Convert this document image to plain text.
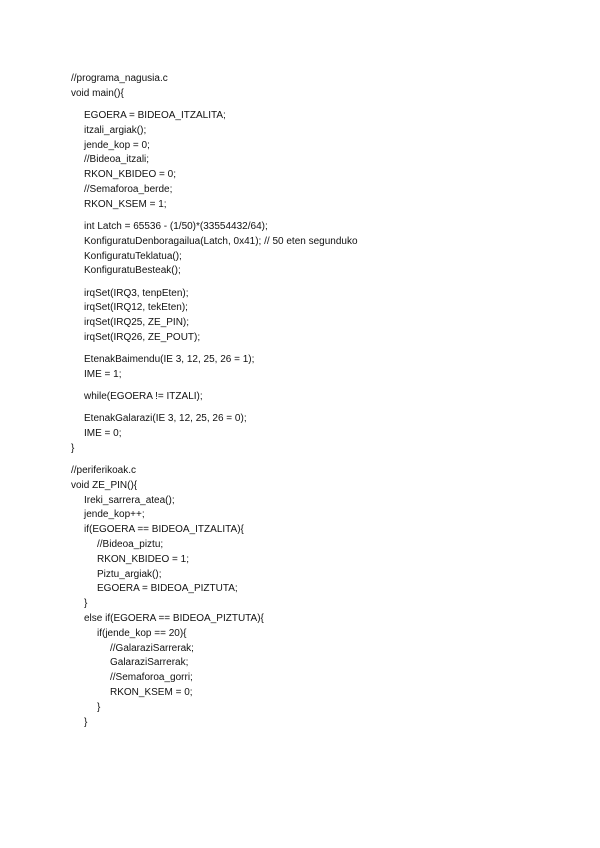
//programa_nagusia.c
void main(){
EGOERA = BIDEOA_ITZALITA;
itzali_argiak();
jende_kop = 0;
//Bideoa_itzali;
RKON_KBIDEO = 0;
//Semaforoa_berde;
RKON_KSEM = 1;
int Latch = 65536 - (1/50)*(33554432/64);
KonfiguratuDenboragailua(Latch, 0x41); // 50 eten segunduko
KonfiguratuTeklatua();
KonfiguratuBesteak();
irqSet(IRQ3, tenpEten);
irqSet(IRQ12, tekEten);
irqSet(IRQ25, ZE_PIN);
irqSet(IRQ26, ZE_POUT);
EtenakBaimendu(IE 3, 12, 25, 26 = 1);
IME = 1;
while(EGOERA != ITZALI);
EtenakGalarazi(IE 3, 12, 25, 26 = 0);
IME = 0;
}
//periferikoak.c
void ZE_PIN(){
Ireki_sarrera_atea();
jende_kop++;
if(EGOERA == BIDEOA_ITZALITA){
//Bideoa_piztu;
RKON_KBIDEO = 1;
Piztu_argiak();
EGOERA = BIDEOA_PIZTUTA;
}
else if(EGOERA == BIDEOA_PIZTUTA){
if(jende_kop == 20){
//GalaraziSarrerak;
GalaraziSarrerak;
//Semaforoa_gorri;
RKON_KSEM = 0;
}
}
